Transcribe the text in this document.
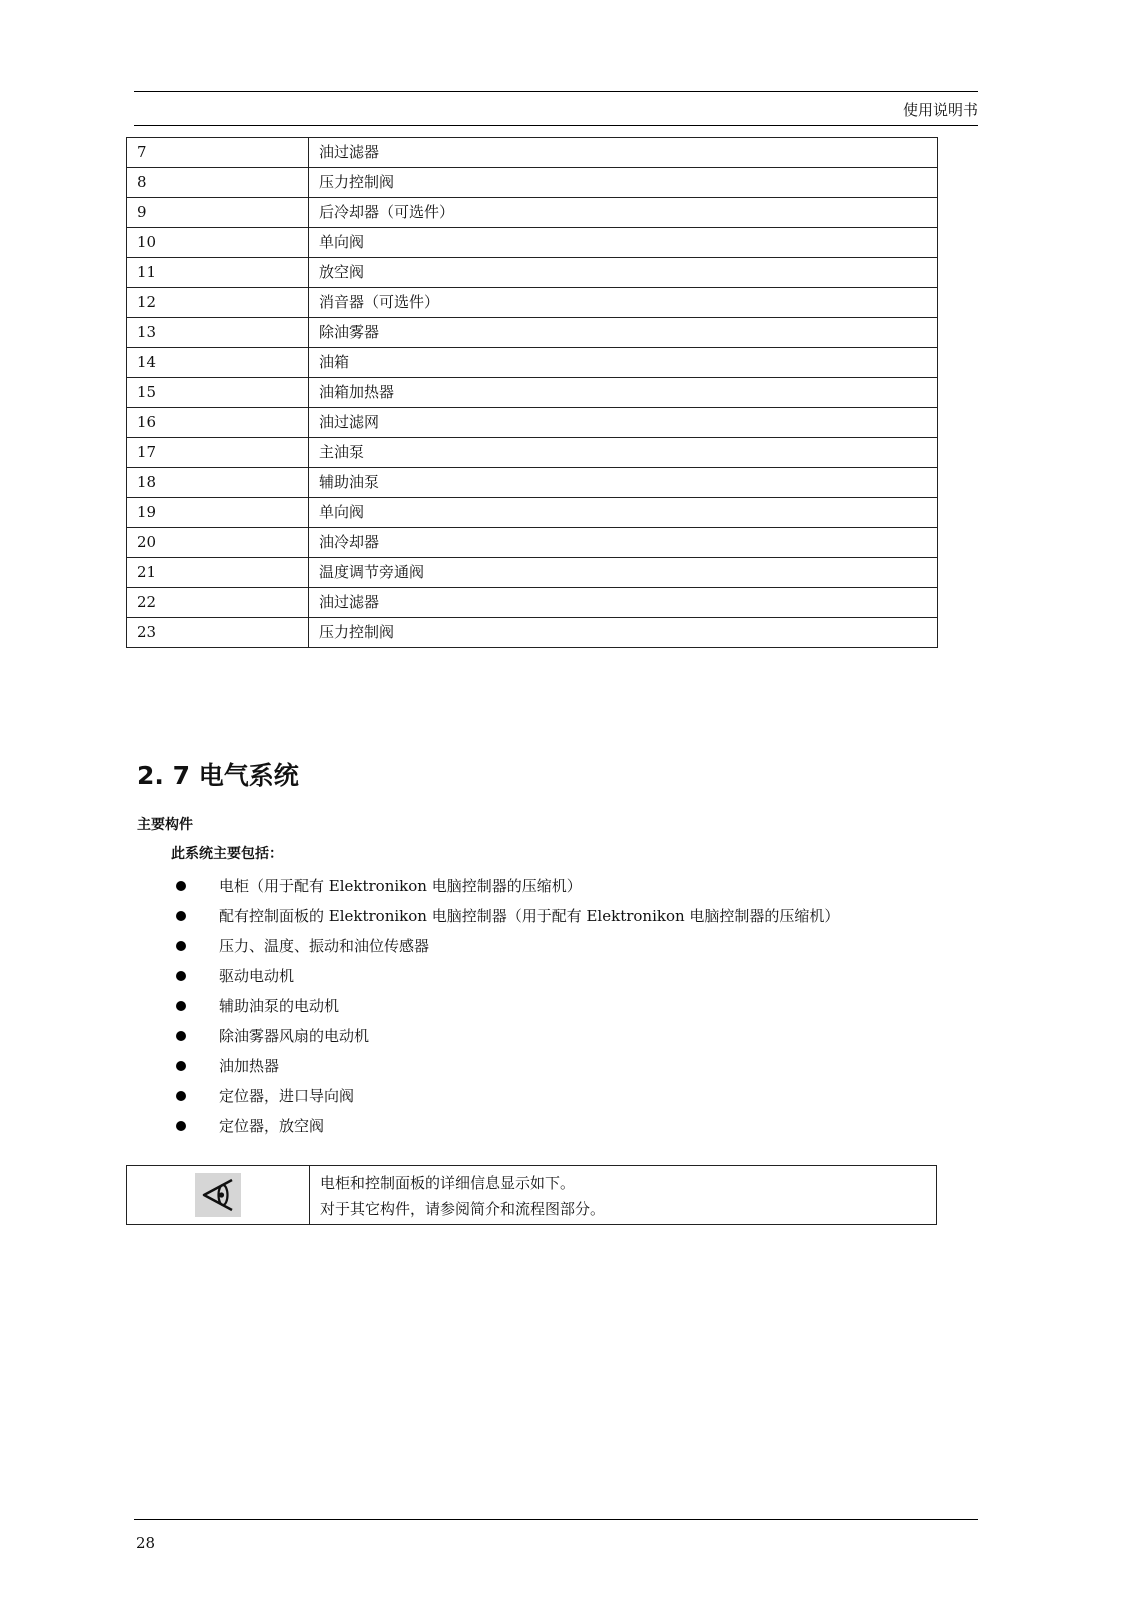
使用说明书
7	油过滤器
8	压力控制阀
9	后冷却器（可选件）
10	单向阀
11	放空阀
12	消音器（可选件）
13	除油雾器
14	油箱
15	油箱加热器
16	油过滤网
17	主油泵
18	辅助油泵
19	单向阀
20	油冷却器
21	温度调节旁通阀
22	油过滤器
23	压力控制阀
2. 7 电气系统
主要构件
此系统主要包括：
电柜（用于配有 Elektronikon 电脑控制器的压缩机）
配有控制面板的 Elektronikon 电脑控制器（用于配有 Elektronikon 电脑控制器的压缩机）
压力、温度、振动和油位传感器
驱动电动机
辅助油泵的电动机
除油雾器风扇的电动机
油加热器
定位器，进口导向阀
定位器，放空阀
电柜和控制面板的详细信息显示如下。
对于其它构件，请参阅简介和流程图部分。
28
